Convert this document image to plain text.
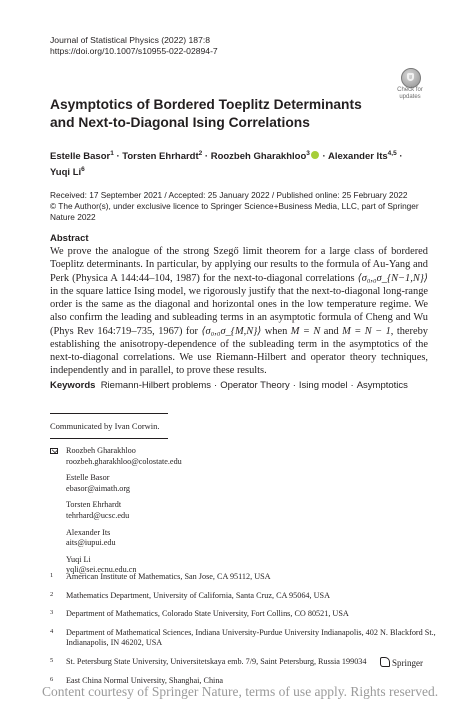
Journal of Statistical Physics (2022) 187:8
https://doi.org/10.1007/s10955-022-02894-7
Check for
updates
Asymptotics of Bordered Toeplitz Determinants and Next-to-Diagonal Ising Correlations
Estelle Basor$^1$ · Torsten Ehrhardt$^2$ · Roozbeh Gharakhloo$^3$ · Alexander Its$^{4,5}$ ·
Yuqi Li$^6$
Received: 17 September 2021 / Accepted: 25 January 2022 / Published online: 25 February 2022
© The Author(s), under exclusive licence to Springer Science+Business Media, LLC, part of Springer Nature 2022
Abstract
We prove the analogue of the strong Szegő limit theorem for a large class of bordered Toeplitz determinants. In particular, by applying our results to the formula of Au-Yang and Perk (Physica A 144:44–104, 1987) for the next-to-diagonal correlations ⟨σ₀,₀σ_{N−1,N}⟩ in the square lattice Ising model, we rigorously justify that the next-to-diagonal long-range order is the same as the diagonal and horizontal ones in the low temperature regime. We also confirm the leading and subleading terms in an asymptotic formula of Cheng and Wu (Phys Rev 164:719–735, 1967) for ⟨σ₀,₀σ_{M,N}⟩ when M = N and M = N − 1, thereby establishing the anisotropy-dependence of the subleading term in the asymptotics of the next-to-diagonal correlations. We use Riemann-Hilbert and operator theory techniques, independently and in parallel, to prove these results.
Keywords Riemann-Hilbert problems · Operator Theory · Ising model · Asymptotics
Communicated by Ivan Corwin.
Roozbeh Gharakhloo
roozbeh.gharakhloo@colostate.edu
Estelle Basor
ebasor@aimath.org
Torsten Ehrhardt
tehrhard@ucsc.edu
Alexander Its
aits@iupui.edu
Yuqi Li
yqli@sei.ecnu.edu.cn
1 American Institute of Mathematics, San Jose, CA 95112, USA
2 Mathematics Department, University of California, Santa Cruz, CA 95064, USA
3 Department of Mathematics, Colorado State University, Fort Collins, CO 80521, USA
4 Department of Mathematical Sciences, Indiana University-Purdue University Indianapolis, 402 N. Blackford St., Indianapolis, IN 46202, USA
5 St. Petersburg State University, Universitetskaya emb. 7/9, Saint Petersburg, Russia 199034
6 East China Normal University, Shanghai, China
Springer
Content courtesy of Springer Nature, terms of use apply. Rights reserved.
